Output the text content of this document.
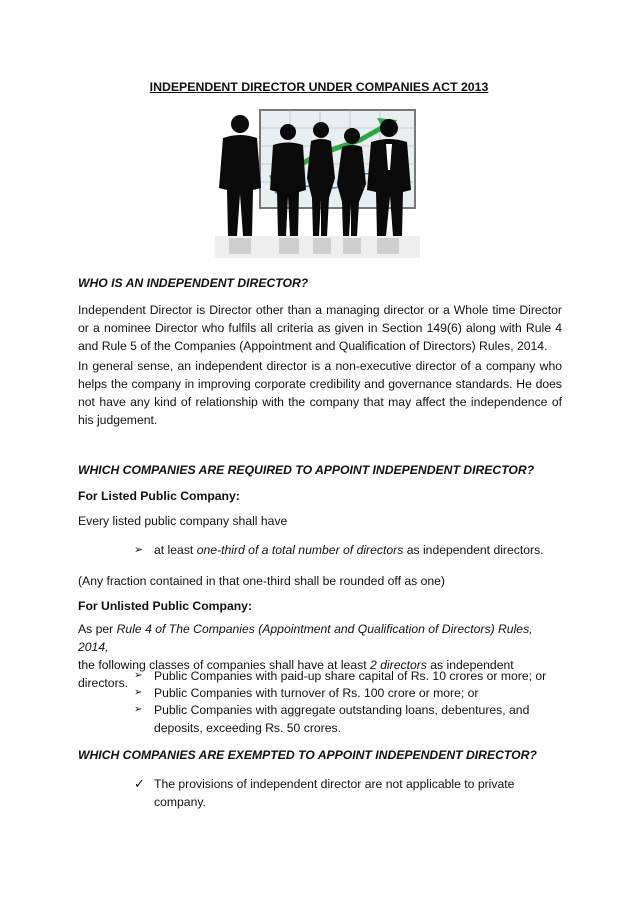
INDEPENDENT DIRECTOR UNDER COMPANIES ACT 2013
WHO IS AN INDEPENDENT DIRECTOR?
Independent Director is Director other than a managing director or a Whole time Director or a nominee Director who fulfils all criteria as given in Section 149(6) along with Rule 4 and Rule 5 of the Companies (Appointment and Qualification of Directors) Rules, 2014.
In general sense, an independent director is a non-executive director of a company who helps the company in improving corporate credibility and governance standards. He does not have any kind of relationship with the company that may affect the independence of his judgement.
WHICH COMPANIES ARE REQUIRED TO APPOINT INDEPENDENT DIRECTOR?
For Listed Public Company:
Every listed public company shall have
➢ at least one-third of a total number of directors as independent directors.
(Any fraction contained in that one-third shall be rounded off as one)
For Unlisted Public Company:
As per Rule 4 of The Companies (Appointment and Qualification of Directors) Rules, 2014,
the following classes of companies shall have at least 2 directors as independent directors.
➢ Public Companies with paid-up share capital of Rs. 10 crores or more; or
➢ Public Companies with turnover of Rs. 100 crore or more; or
➢ Public Companies with aggregate outstanding loans, debentures, and deposits, exceeding Rs. 50 crores.
WHICH COMPANIES ARE EXEMPTED TO APPOINT INDEPENDENT DIRECTOR?
✓ The provisions of independent director are not applicable to private company.
